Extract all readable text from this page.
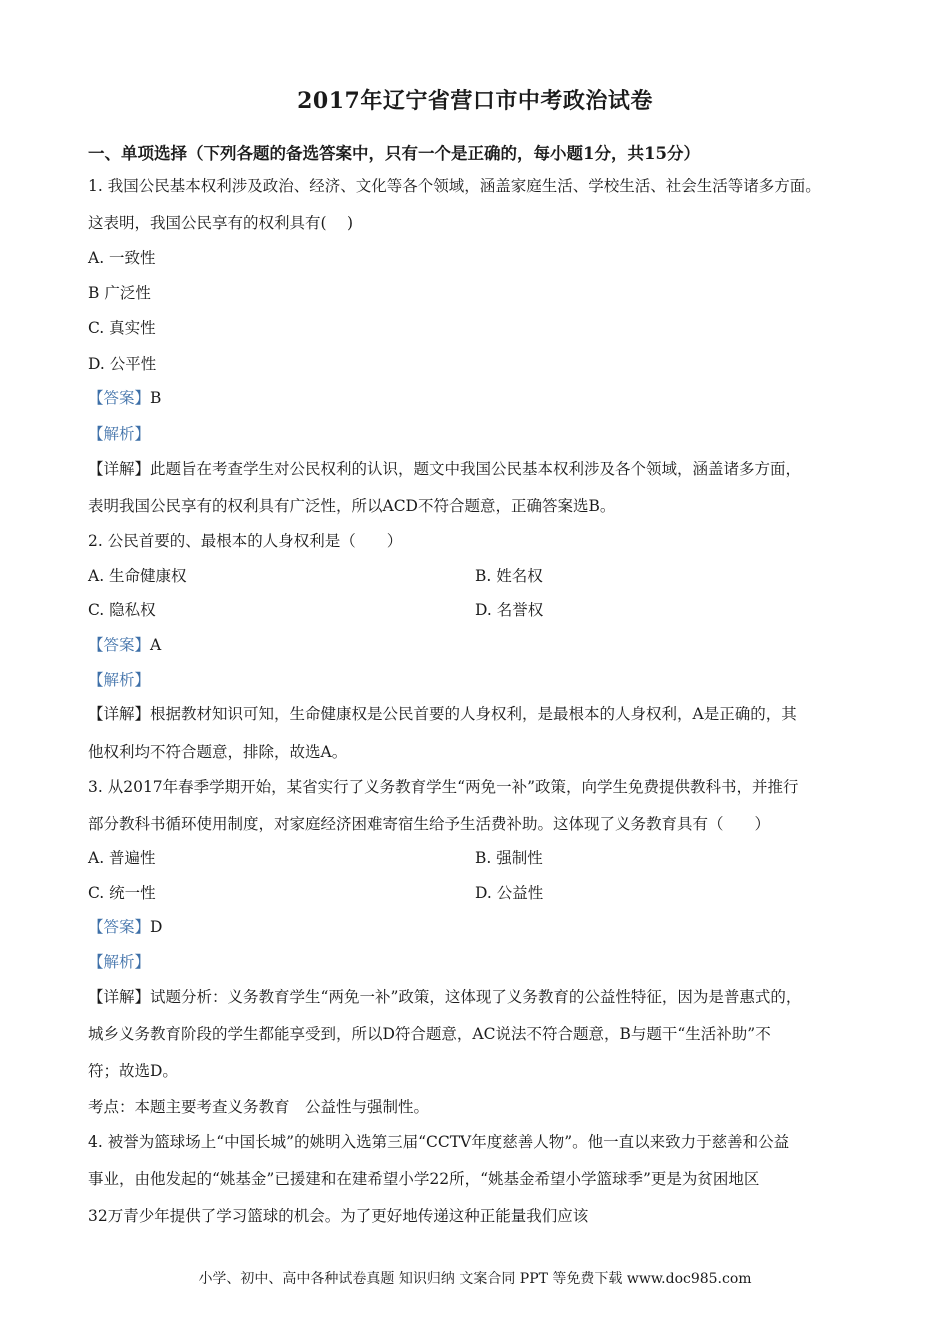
2017年辽宁省营口市中考政治试卷
一、单项选择（下列各题的备选答案中，只有一个是正确的，每小题1分，共15分）
1. 我国公民基本权利涉及政治、经济、文化等各个领域，涵盖家庭生活、学校生活、社会生活等诸多方面。
这表明，我国公民享有的权利具有(　 )
A. 一致性
B 广泛性
C. 真实性
D. 公平性
【答案】B
【解析】
【详解】此题旨在考查学生对公民权利的认识，题文中我国公民基本权利涉及各个领域，涵盖诸多方面，
表明我国公民享有的权利具有广泛性，所以ACD不符合题意，正确答案选B。
2. 公民首要的、最根本的人身权利是（　　）
A. 生命健康权	B. 姓名权
C. 隐私权	D. 名誉权
【答案】A
【解析】
【详解】根据教材知识可知，生命健康权是公民首要的人身权利，是最根本的人身权利，A是正确的，其
他权利均不符合题意，排除，故选A。
3. 从2017年春季学期开始，某省实行了义务教育学生“两免一补”政策，向学生免费提供教科书，并推行
部分教科书循环使用制度，对家庭经济困难寄宿生给予生活费补助。这体现了义务教育具有（　　）
A. 普遍性	B. 强制性
C. 统一性	D. 公益性
【答案】D
【解析】
【详解】试题分析：义务教育学生“两免一补”政策，这体现了义务教育的公益性特征，因为是普惠式的，
城乡义务教育阶段的学生都能享受到，所以D符合题意，AC说法不符合题意，B与题干“生活补助”不
符；故选D。
考点：本题主要考查义务教育　公益性与强制性。
4. 被誉为篮球场上“中国长城”的姚明入选第三届“CCTV年度慈善人物”。他一直以来致力于慈善和公益
事业，由他发起的“姚基金”已援建和在建希望小学22所，“姚基金希望小学篮球季”更是为贫困地区
32万青少年提供了学习篮球的机会。为了更好地传递这种正能量我们应该
小学、初中、高中各种试卷真题 知识归纳 文案合同 PPT 等免费下载 www.doc985.com
